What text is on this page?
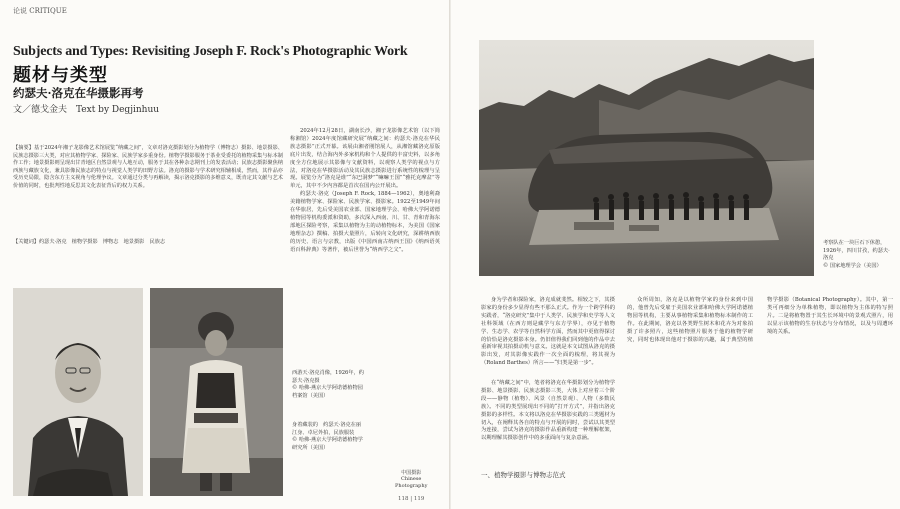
论说 CRITIQUE
Subjects and Types: Revisiting Joseph F. Rock's Photographic Work
题材与类型
约瑟夫·洛克在华摄影再考
文／德戈金夫　Text by Degjinhuu

【摘要】基于2024年湘子龙影像艺术馆展览“纳藏之间”，文章对洛克摄影划分为植物学（博物志）摄影、地景摄影、民族志摄影三大类，对应其植物学家、探险家、民族学家多重身份。植物学摄影服务于茶业受委托的植物采集与标本制作工作；地景摄影则呈现出甘青地区自然景观与人地互动，服务于其在各种杂志期刊上的发表活动；民族志摄影聚焦纳西族与藏族文化，兼具影像民族志的特点与视觉人类学的田野方法。洛克的摄影与学术研究相辅相成，然而，其作品亦受历史局限，隐含东方主义视角与伦理争议。文章通过分类与再解读，揭示洛克摄影的多维意义，既肯定其文献与艺术价值的同时，也批判性地反思其文化表征背后的权力关系。

【关键词】约瑟夫·洛克　植物学摄影　博物志　地景摄影　民族志

2024年12月28日，湖南长沙，湘子龙影像艺术馆（以下简称湘馆）2024年度馆藏研究展“纳藏之间：约瑟夫·洛克在华民族志摄影”正式开幕。该展由湘者刚馆展人，从湘馆藏洛克原版底片出发，结合海内外多家机构和个人提供的丰富史料，以多角度全方位地展示其影像与文献资料，以观察人类学的视点与方法，对洛克在华摄影活动及其民族志摄影进行系统性的梳理与呈现。展览分为“洛克是谁”“东巴洞梦”“嘛嘛王国”“雅托克摩盆”等单元，其中不少内容都是首次在国内公开展出。

约瑟夫·洛克（Joseph F. Rock, 1884—1962），奥地利裔美籍植物学家、探险家、民族学家、摄影家。1922至1949年间在华旅居，先后受美国农业部、国家地理学会、哈佛大学阿诺德植物园等机构委派和资助，多次深入西南、川、甘、青和青海东部地区探险考察，采集以植物为主的动植物标本，为美国《国家地理杂志》撰稿、拍摄大量照片，后转向文化研究，深耕纳西族的历史、语言与宗教，出版《中国西南古纳西王国》《纳西语英语百科辞典》等著作，被后世誉为“纳西学之父”。

西游天·洛克肖像，1926年，约瑟夫·洛克摄
© 哈佛-燕京大学阿诺德植物园档案馆（美国）
身着藏装的　约瑟天·洛克在丽江身、卓尼外拍，民族服装
© 哈佛-燕京大学阿诺德植物学研究所（美国）
中国摄影
Chinese
Photography
118 | 119
考察队在一块巨石下休憩，1926年，四川甘孜，约瑟夫·洛克
© 国家地理学会（美国）

身为学者和探险家，洛克成就斐然。相较之下，其摄影家的身份多少显得有些不那么正式。作为一个跨学科的实践者，“洛克研究”集中于人类学、民族学和史学等人文社科领域（在西方则是藏学与东方学界），亦见于植物学、生态学、农学等自然科学方面，然而其中更值得探讨的恰恰是洛克摄影本身。仍旧值得我们回到他的作品中去重新审视其拍摄动机与意义。这就是本文试图从洛克的摄影出发，对其影像实践作一次全面的梳理，将其视为（Roland Barthes）所言——“归类是第一步”。

在“纳藏之间”中，笔者将洛克在华摄影划分为植物学摄影、地景摄影、民族志摄影三类，大体上对应着三个阶段——静物（植物）、风景（自然景观）、人物（多数民族）。不同的类型展现出不同的“打开方式”，并指出洛克摄影的多样性。本文将以洛克在华摄影实践的三类题材为切入，在阐释其各自的特点与开展的同时，尝试以其类型为连接，尝试为洛克的摄影作品重新构建一种理解框架，以期理解其摄影创作中的多重面向与复杂意涵。

众所周知，洛克是以植物学家的身份来到中国的，他曾先后受雇于美国农业部和哈佛大学阿诺德植物园等机构，主要从事植物采集和植物标本制作的工作。在此期间，洛克以各类野生树木和花卉为对象拍摄了许多照片，这些植物照片服务于他的植物学研究，同时也体现出他对于摄影的兴趣，属于典型的植物学摄影（Botanical Photography）。其中，第一类可再细分为单株植物，即以植物为主体的特写照片。二是将植物置于其生长环境中的景观式照片，用以显示该植物的生存状态与分布情况，以及与周遭环境的关系。

一、植物学摄影与博物志范式
